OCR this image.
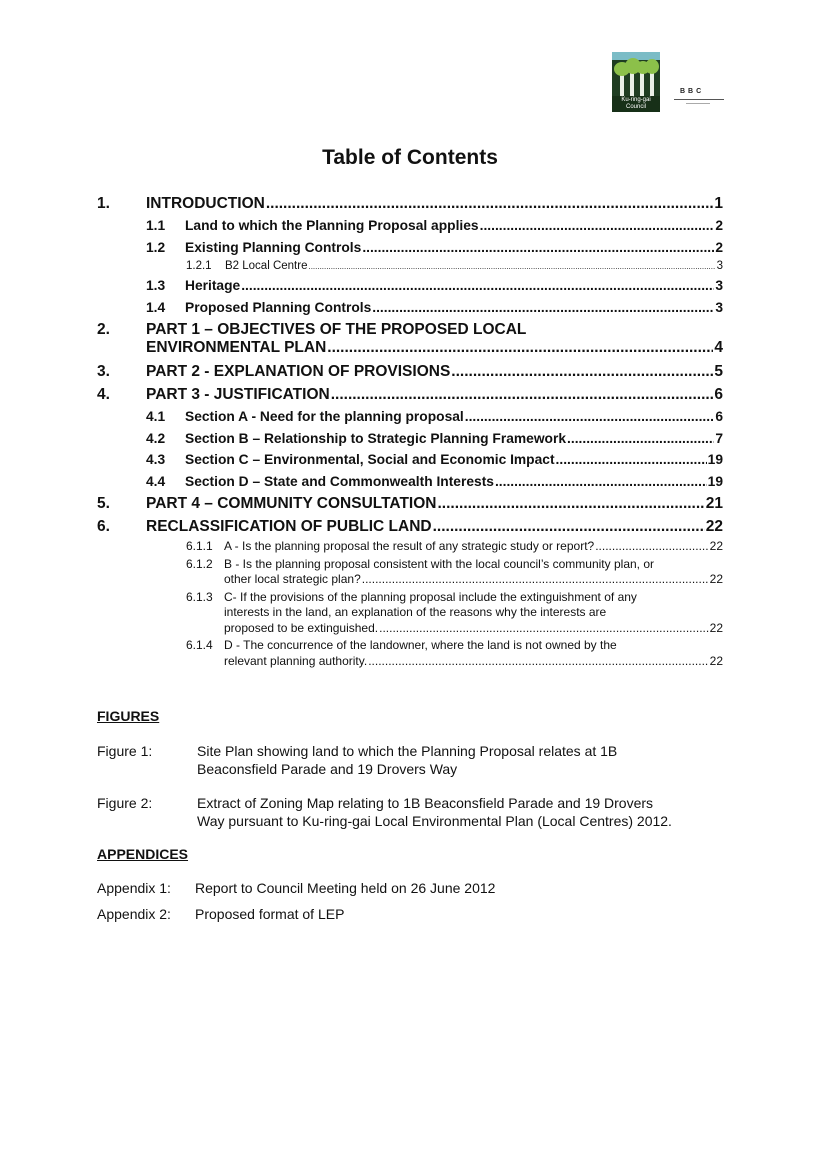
Ku-ring-gai Council
BBC
Table of Contents
1. INTRODUCTION .....	1
1.1 Land to which the Planning Proposal applies .....	2
1.2 Existing Planning Controls .....	2
1.2.1 B2 Local Centre .....	3
1.3 Heritage .....	3
1.4 Proposed Planning Controls .....	3
2. PART 1 – OBJECTIVES OF THE PROPOSED LOCAL
ENVIRONMENTAL PLAN .....	4
3. PART 2 - EXPLANATION OF PROVISIONS .....	5
4. PART 3 - JUSTIFICATION .....	6
4.1 Section A - Need for the planning proposal .....	6
4.2 Section B – Relationship to Strategic Planning Framework .....	7
4.3 Section C – Environmental, Social and Economic Impact .....	19
4.4 Section D – State and Commonwealth Interests .....	19
5. PART 4 – COMMUNITY CONSULTATION .....	21
6. RECLASSIFICATION OF PUBLIC LAND .....	22
6.1.1 A - Is the planning proposal the result of any strategic study or report? .....	22
6.1.2 B - Is the planning proposal consistent with the local council’s community plan, or
other local strategic plan? .....	22
6.1.3 C- If the provisions of the planning proposal include the extinguishment of any
interests in the land, an explanation of the reasons why the interests are
proposed to be extinguished. .....	22
6.1.4 D - The concurrence of the landowner, where the land is not owned by the
relevant planning authority. .....	22

FIGURES

Figure 1:	Site Plan showing land to which the Planning Proposal relates at 1B
Beaconsfield Parade and 19 Drovers Way
Figure 2:	Extract of Zoning Map relating to 1B Beaconsfield Parade and 19 Drovers
Way pursuant to Ku-ring-gai Local Environmental Plan (Local Centres) 2012.

APPENDICES

Appendix 1: Report to Council Meeting held on 26 June 2012
Appendix 2: Proposed format of LEP
